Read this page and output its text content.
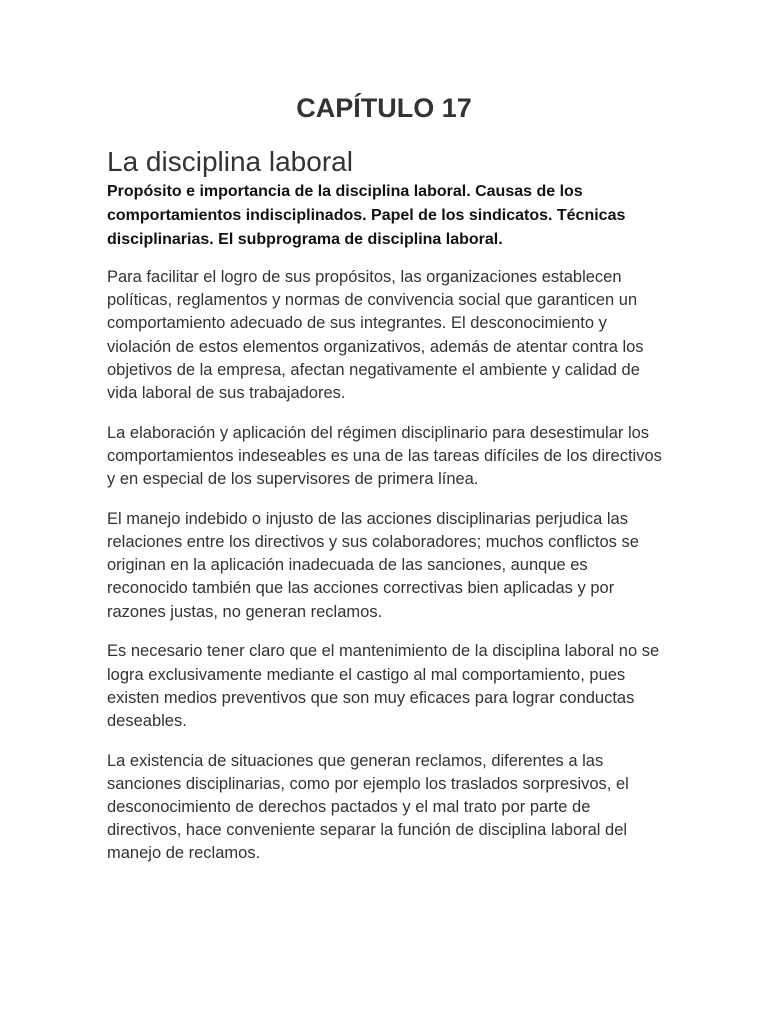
CAPÍTULO 17
La disciplina laboral

Propósito e importancia de la disciplina laboral. Causas de los comportamientos indisciplinados. Papel de los sindicatos. Técnicas disciplinarias. El subprograma de disciplina laboral.

Para facilitar el logro de sus propósitos, las organizaciones establecen políticas, reglamentos y normas de convivencia social que garanticen un comportamiento adecuado de sus integrantes. El desconocimiento y violación de estos elementos organizativos, además de atentar contra los objetivos de la empresa, afectan negativamente el ambiente y calidad de vida laboral de sus trabajadores.

La elaboración y aplicación del régimen disciplinario para desestimular los comportamientos indeseables es una de las tareas difíciles de los directivos y en especial de los supervisores de primera línea.

El manejo indebido o injusto de las acciones disciplinarias perjudica las relaciones entre los directivos y sus colaboradores; muchos conflictos se originan en la aplicación inadecuada de las sanciones, aunque es reconocido también que las acciones correctivas bien aplicadas y por razones justas, no generan reclamos.

Es necesario tener claro que el mantenimiento de la disciplina laboral no se logra exclusivamente mediante el castigo al mal comportamiento, pues existen medios preventivos que son muy eficaces para lograr conductas deseables.

La existencia de situaciones que generan reclamos, diferentes a las sanciones disciplinarias, como por ejemplo los traslados sorpresivos, el desconocimiento de derechos pactados y el mal trato por parte de directivos, hace conveniente separar la función de disciplina laboral del manejo de reclamos.
